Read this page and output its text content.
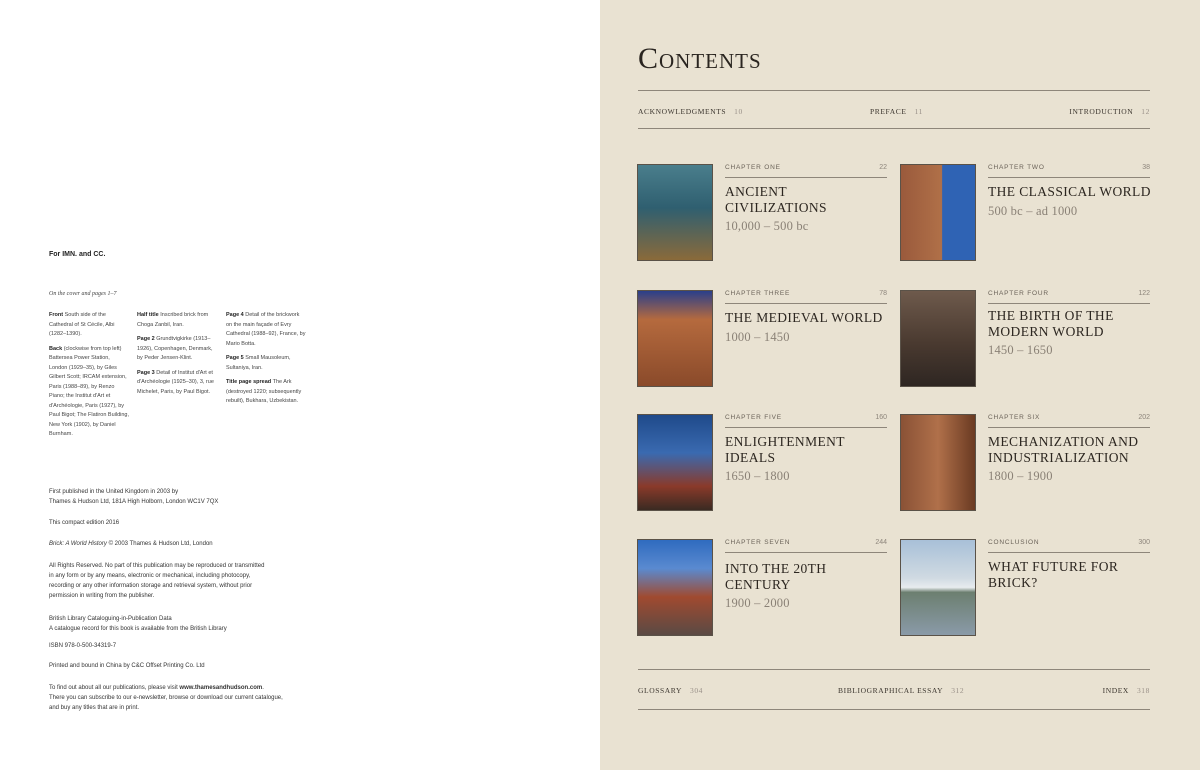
For IMN. and CC.
On the cover and pages 1–7

Front South side of the Cathedral of St Cécile, Albi (1282–1390).

Back (clockwise from top left) Battersea Power Station, London (1929–35), by Giles Gilbert Scott; IRCAM extension, Paris (1988–89), by Renzo Piano; the Institut d'Art et d'Archéologie, Paris (1927), by Paul Bigot; The Flatiron Building, New York (1902), by Daniel Burnham.

Half title Inscribed brick from Choga Zanbil, Iran.

Page 2 Grundtvigkirke (1913–1926), Copenhagen, Denmark, by Peder Jensen-Klint.

Page 3 Detail of Institut d'Art et d'Archéologie (1925–30), 3, rue Michelet, Paris, by Paul Bigot.

Page 4 Detail of the brickwork on the main façade of Evry Cathedral (1988–92), France, by Mario Botta.

Page 5 Small Mausoleum, Sultaniya, Iran.

Title page spread The Ark (destroyed 1220; subsequently rebuilt), Bukhara, Uzbekistan.

First published in the United Kingdom in 2003 by

Thames & Hudson Ltd, 181A High Holborn, London WC1V 7QX

This compact edition 2016

Brick: A World History © 2003 Thames & Hudson Ltd, London

All Rights Reserved. No part of this publication may be reproduced or transmitted

in any form or by any means, electronic or mechanical, including photocopy,

recording or any other information storage and retrieval system, without prior

permission in writing from the publisher.

British Library Cataloguing-in-Publication Data

A catalogue record for this book is available from the British Library

ISBN 978-0-500-34319-7

Printed and bound in China by C&C Offset Printing Co. Ltd

To find out about all our publications, please visit www.thamesandhudson.com.

There you can subscribe to our e-newsletter, browse or download our current catalogue,

and buy any titles that are in print.

Contents
ACKNOWLEDGMENTS 10	PREFACE 11	INTRODUCTION 12
CHAPTER ONE	22
ANCIENT CIVILIZATIONS
10,000 – 500 bc
CHAPTER TWO	38
THE CLASSICAL WORLD
500 bc – ad 1000
CHAPTER THREE	78
THE MEDIEVAL WORLD
1000 – 1450
CHAPTER FOUR	122
THE BIRTH OF THE MODERN WORLD
1450 – 1650
CHAPTER FIVE	160
ENLIGHTENMENT IDEALS
1650 – 1800
CHAPTER SIX	202
MECHANIZATION AND INDUSTRIALIZATION
1800 – 1900
CHAPTER SEVEN	244
INTO THE 20TH CENTURY
1900 – 2000
CONCLUSION	300
WHAT FUTURE FOR BRICK?
GLOSSARY 304	BIBLIOGRAPHICAL ESSAY 312	INDEX 318
